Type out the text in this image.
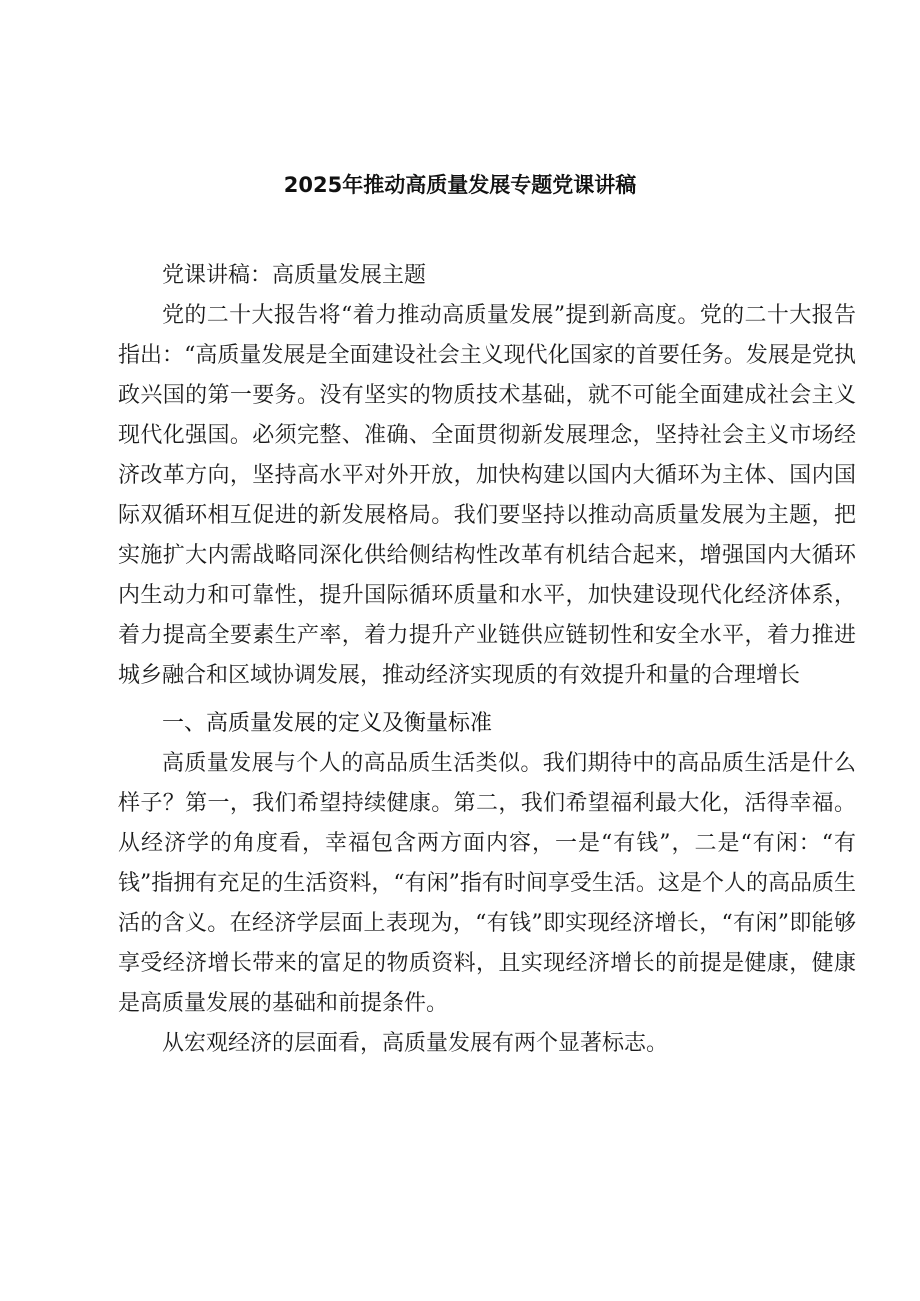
2025年推动高质量发展专题党课讲稿

党课讲稿：高质量发展主题

党的二十大报告将“着力推动高质量发展”提到新高度。党的二十大报告指出：“高质量发展是全面建设社会主义现代化国家的首要任务。发展是党执政兴国的第一要务。没有坚实的物质技术基础，就不可能全面建成社会主义现代化强国。必须完整、准确、全面贯彻新发展理念，坚持社会主义市场经济改革方向，坚持高水平对外开放，加快构建以国内大循环为主体、国内国际双循环相互促进的新发展格局。我们要坚持以推动高质量发展为主题，把实施扩大内需战略同深化供给侧结构性改革有机结合起来，增强国内大循环内生动力和可靠性，提升国际循环质量和水平，加快建设现代化经济体系，着力提高全要素生产率，着力提升产业链供应链韧性和安全水平，着力推进城乡融合和区域协调发展，推动经济实现质的有效提升和量的合理增长

一、高质量发展的定义及衡量标准

高质量发展与个人的高品质生活类似。我们期待中的高品质生活是什么样子？第一，我们希望持续健康。第二，我们希望福利最大化，活得幸福。从经济学的角度看，幸福包含两方面内容，一是“有钱”，二是“有闲：“有钱”指拥有充足的生活资料，“有闲”指有时间享受生活。这是个人的高品质生活的含义。在经济学层面上表现为，“有钱”即实现经济增长，“有闲”即能够享受经济增长带来的富足的物质资料，且实现经济增长的前提是健康，健康是高质量发展的基础和前提条件。

从宏观经济的层面看，高质量发展有两个显著标志。
